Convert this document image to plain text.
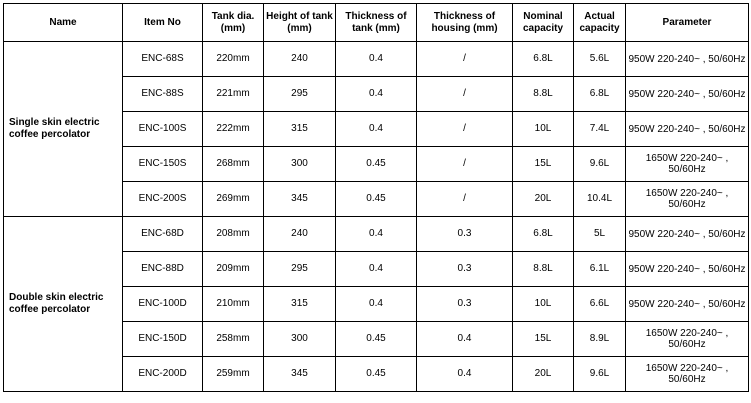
Name	Item No	Tank dia. (mm)	Height of tank (mm)	Thickness of tank (mm)	Thickness of housing (mm)	Nominal capacity	Actual capacity	Parameter
Single skin electric coffee percolator	ENC-68S	220mm	240	0.4	/	6.8L	5.6L	950W 220-240~ , 50/60Hz
	ENC-88S	221mm	295	0.4	/	8.8L	6.8L	950W 220-240~ , 50/60Hz
	ENC-100S	222mm	315	0.4	/	10L	7.4L	950W 220-240~ , 50/60Hz
	ENC-150S	268mm	300	0.45	/	15L	9.6L	1650W 220-240~ , 50/60Hz
	ENC-200S	269mm	345	0.45	/	20L	10.4L	1650W 220-240~ , 50/60Hz
Double skin electric coffee percolator	ENC-68D	208mm	240	0.4	0.3	6.8L	5L	950W 220-240~ , 50/60Hz
	ENC-88D	209mm	295	0.4	0.3	8.8L	6.1L	950W 220-240~ , 50/60Hz
	ENC-100D	210mm	315	0.4	0.3	10L	6.6L	950W 220-240~ , 50/60Hz
	ENC-150D	258mm	300	0.45	0.4	15L	8.9L	1650W 220-240~ , 50/60Hz
	ENC-200D	259mm	345	0.45	0.4	20L	9.6L	1650W 220-240~ , 50/60Hz
